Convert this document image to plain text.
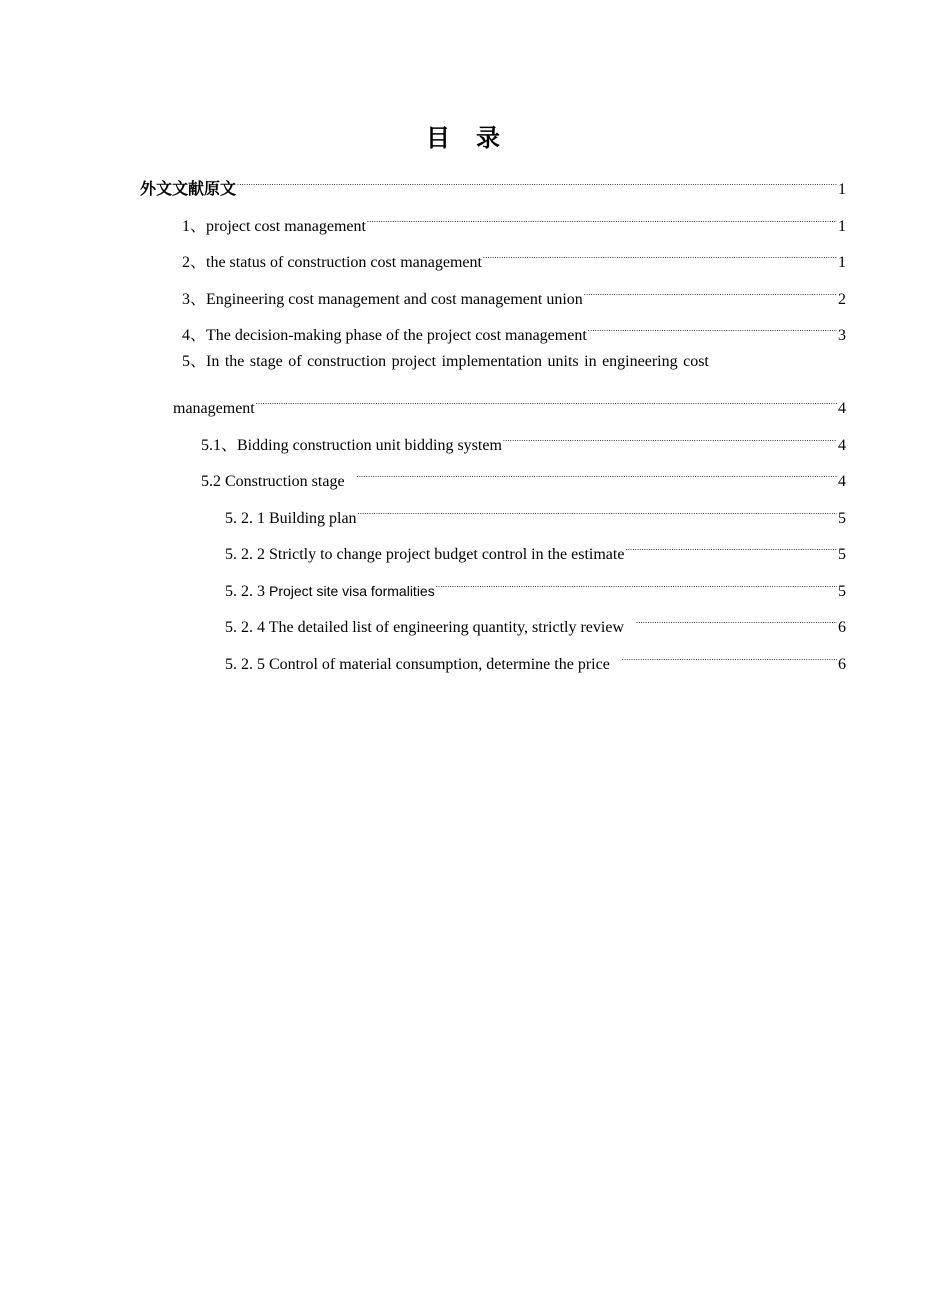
目 录
外文文献原文 .....	1
1、project cost management .....	1
2、the status of construction cost management .....	1
3、Engineering cost management and cost management union .....	2
4、The decision-making phase of the project cost management .....	3
5、In the stage of construction project implementation units in engineering cost
management .....	4
5.1、Bidding construction unit bidding system .....	4
5.2 Construction stage .....	4
5. 2. 1 Building plan .....	5
5. 2. 2 Strictly to change project budget control in the estimate .....	5
5. 2. 3 Project site visa formalities .....	5
5. 2. 4 The detailed list of engineering quantity, strictly review .....	6
5. 2. 5 Control of material consumption, determine the price .....	6
